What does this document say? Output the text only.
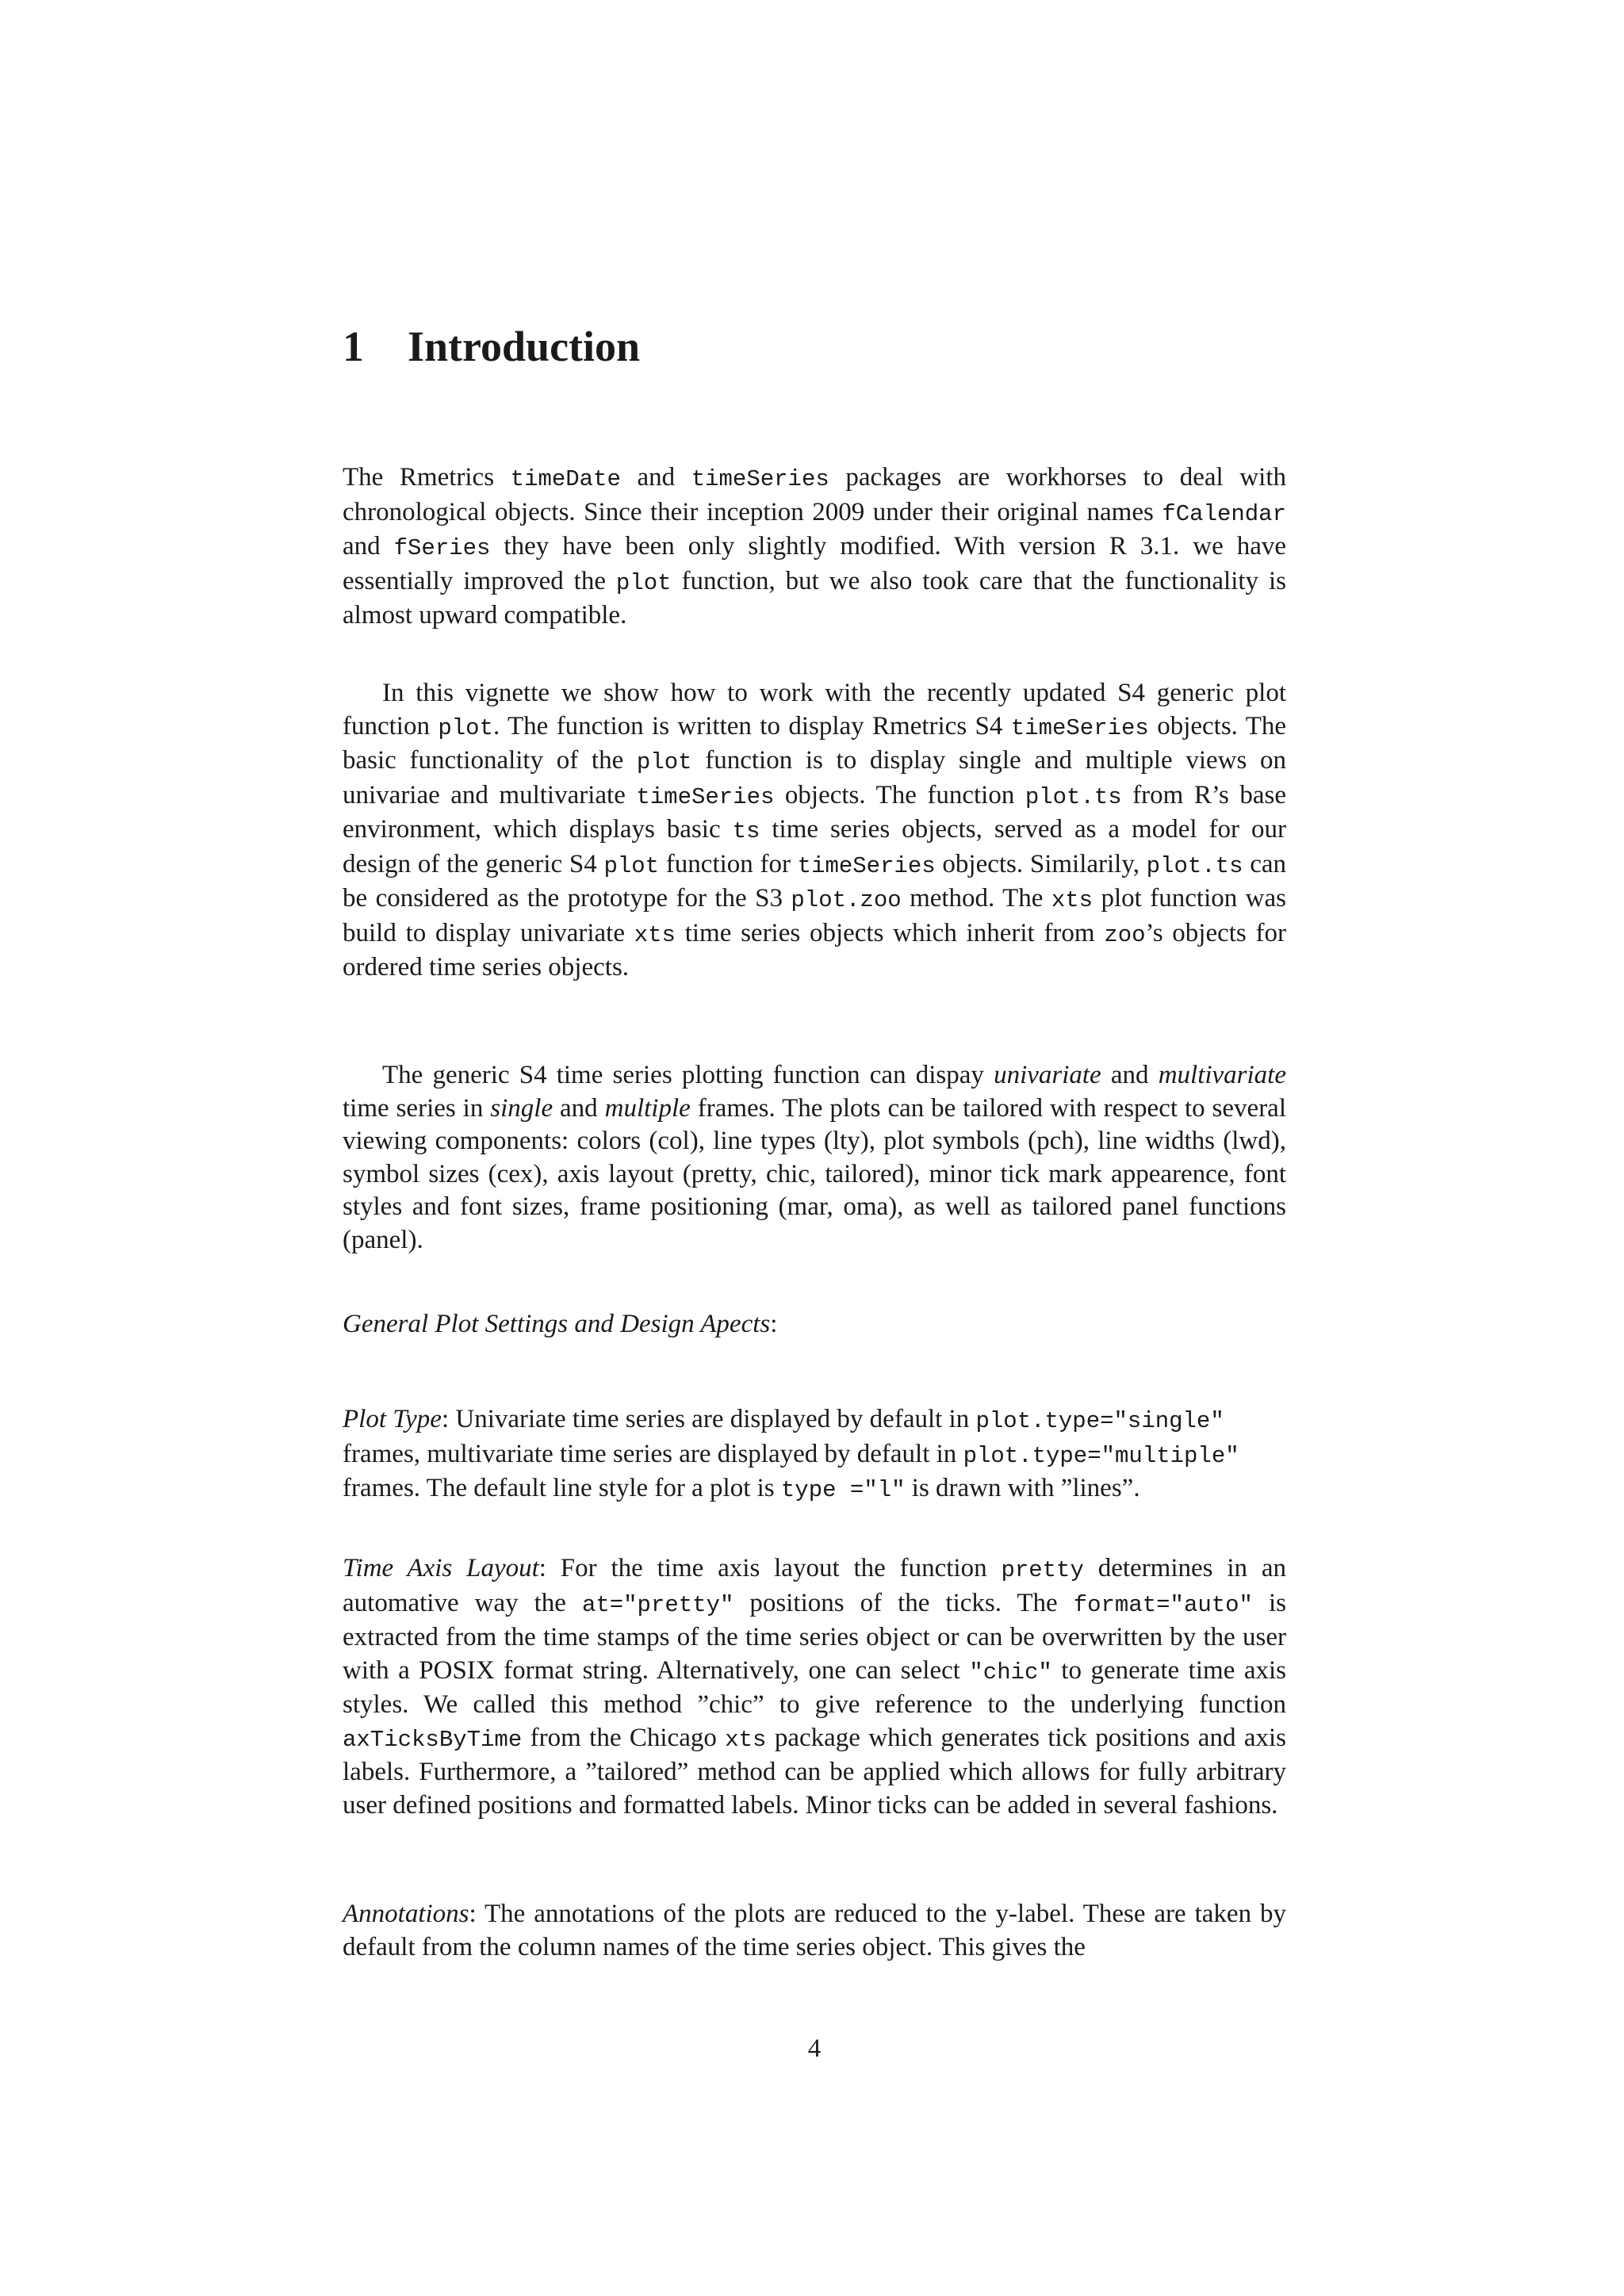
1 Introduction

The Rmetrics timeDate and timeSeries packages are workhorses to deal with chronological objects. Since their inception 2009 under their original names fCalendar and fSeries they have been only slightly modified. With version R 3.1. we have essentially improved the plot function, but we also took care that the functionality is almost upward compatible.

In this vignette we show how to work with the recently updated S4 generic plot function plot. The function is written to display Rmetrics S4 timeSeries objects. The basic functionality of the plot function is to display single and multiple views on univariae and multivariate timeSeries objects. The function plot.ts from R’s base environment, which displays basic ts time series objects, served as a model for our design of the generic S4 plot function for timeSeries objects. Similarily, plot.ts can be considered as the prototype for the S3 plot.zoo method. The xts plot function was build to display univariate xts time series objects which inherit from zoo’s objects for ordered time series objects.

The generic S4 time series plotting function can dispay univariate and multivariate time series in single and multiple frames. The plots can be tailored with respect to several viewing components: colors (col), line types (lty), plot symbols (pch), line widths (lwd), symbol sizes (cex), axis layout (pretty, chic, tailored), minor tick mark appearence, font styles and font sizes, frame positioning (mar, oma), as well as tailored panel functions (panel).

General Plot Settings and Design Apects:

Plot Type: Univariate time series are displayed by default in plot.type="single" frames, multivariate time series are displayed by default in plot.type="multiple" frames. The default line style for a plot is type ="l" is drawn with ”lines”.

Time Axis Layout: For the time axis layout the function pretty determines in an automative way the at="pretty" positions of the ticks. The format="auto" is extracted from the time stamps of the time series object or can be overwritten by the user with a POSIX format string. Alternatively, one can select "chic" to generate time axis styles. We called this method ”chic” to give reference to the underlying function axTicksByTime from the Chicago xts package which generates tick positions and axis labels. Furthermore, a ”tailored” method can be applied which allows for fully arbitrary user defined positions and formatted labels. Minor ticks can be added in several fashions.

Annotations: The annotations of the plots are reduced to the y-label. These are taken by default from the column names of the time series object. This gives the

4
